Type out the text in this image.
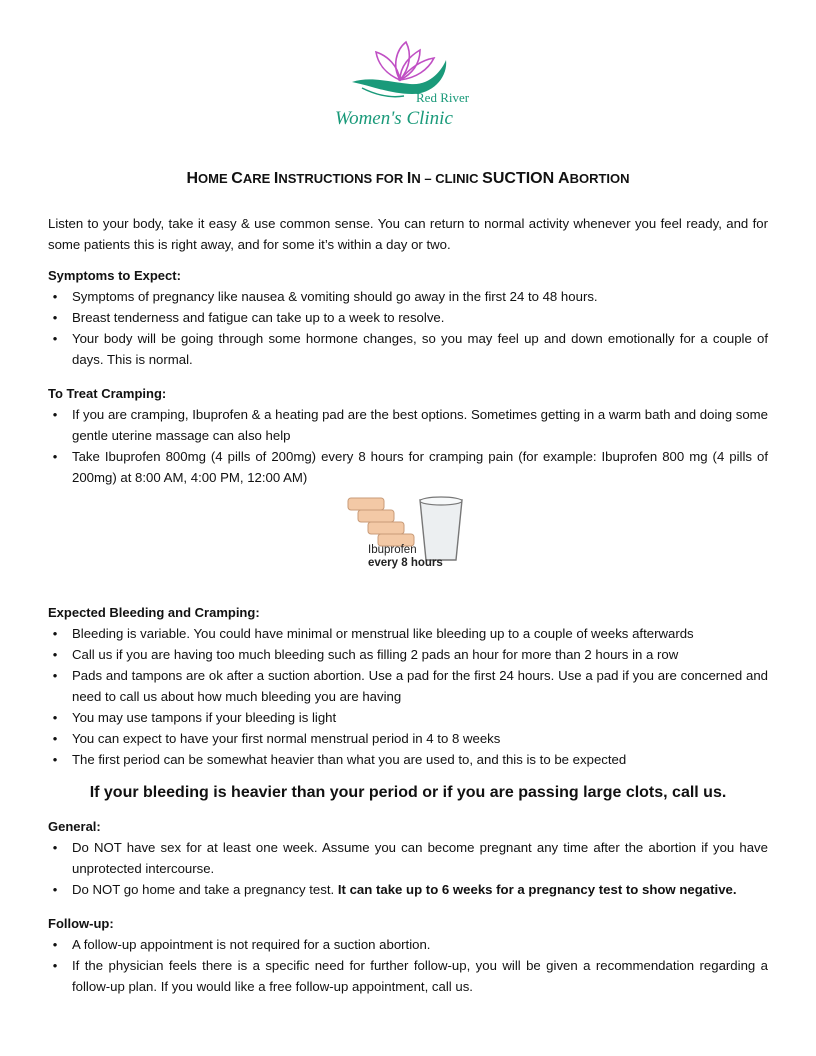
Red River
Women's Clinic
HOME CARE INSTRUCTIONS FOR IN – CLINIC SUCTION ABORTION

Listen to your body, take it easy & use common sense. You can return to normal activity whenever you feel ready, and for some patients this is right away, and for some it’s within a day or two.

Symptoms to Expect:
•	Symptoms of pregnancy like nausea & vomiting should go away in the first 24 to 48 hours.
•	Breast tenderness and fatigue can take up to a week to resolve.
•	Your body will be going through some hormone changes, so you may feel up and down emotionally for a couple of days. This is normal.
To Treat Cramping:
•	If you are cramping, Ibuprofen & a heating pad are the best options. Sometimes getting in a warm bath and doing some gentle uterine massage can also help
•	Take Ibuprofen 800mg (4 pills of 200mg) every 8 hours for cramping pain (for example: Ibuprofen 800 mg (4 pills of 200mg) at 8:00 AM, 4:00 PM, 12:00 AM)
Ibuprofen
every 8 hours
Expected Bleeding and Cramping:
•	Bleeding is variable. You could have minimal or menstrual like bleeding up to a couple of weeks afterwards
•	Call us if you are having too much bleeding such as filling 2 pads an hour for more than 2 hours in a row
•	Pads and tampons are ok after a suction abortion. Use a pad for the first 24 hours. Use a pad if you are concerned and need to call us about how much bleeding you are having
•	You may use tampons if your bleeding is light
•	You can expect to have your first normal menstrual period in 4 to 8 weeks
•	The first period can be somewhat heavier than what you are used to, and this is to be expected
If your bleeding is heavier than your period or if you are passing large clots, call us.
General:
•	Do NOT have sex for at least one week. Assume you can become pregnant any time after the abortion if you have unprotected intercourse.
•	Do NOT go home and take a pregnancy test. It can take up to 6 weeks for a pregnancy test to show negative.
Follow-up:
•	A follow-up appointment is not required for a suction abortion.
•	If the physician feels there is a specific need for further follow-up, you will be given a recommendation regarding a follow-up plan. If you would like a free follow-up appointment, call us.
